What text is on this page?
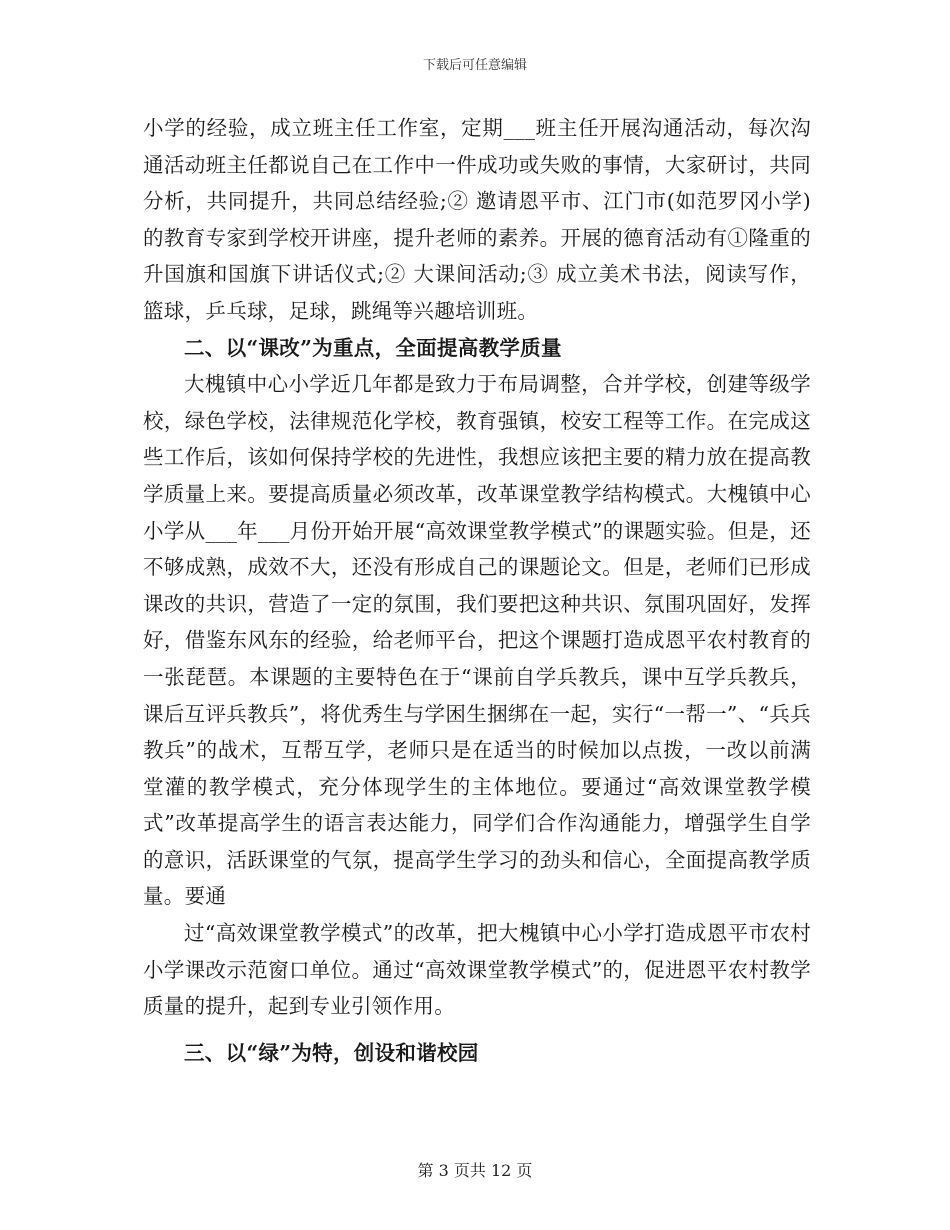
下载后可任意编辑

小学的经验，成立班主任工作室，定期___班主任开展沟通活动，每次沟通活动班主任都说自己在工作中一件成功或失败的事情，大家研讨，共同分析，共同提升，共同总结经验;② 邀请恩平市、江门市(如范罗冈小学)的教育专家到学校开讲座，提升老师的素养。开展的德育活动有①隆重的升国旗和国旗下讲话仪式;② 大课间活动;③ 成立美术书法，阅读写作，篮球，乒乓球，足球，跳绳等兴趣培训班。

二、以“课改”为重点，全面提高教学质量

大槐镇中心小学近几年都是致力于布局调整，合并学校，创建等级学校，绿色学校，法律规范化学校，教育强镇，校安工程等工作。在完成这些工作后，该如何保持学校的先进性，我想应该把主要的精力放在提高教学质量上来。要提高质量必须改革，改革课堂教学结构模式。大槐镇中心小学从___年___月份开始开展“高效课堂教学模式”的课题实验。但是，还不够成熟，成效不大，还没有形成自己的课题论文。但是，老师们已形成课改的共识，营造了一定的氛围，我们要把这种共识、氛围巩固好，发挥好，借鉴东风东的经验，给老师平台，把这个课题打造成恩平农村教育的一张琵琶。本课题的主要特色在于“课前自学兵教兵，课中互学兵教兵，课后互评兵教兵”，将优秀生与学困生捆绑在一起，实行“一帮一”、“兵兵教兵”的战术，互帮互学，老师只是在适当的时候加以点拨，一改以前满堂灌的教学模式，充分体现学生的主体地位。要通过“高效课堂教学模式”改革提高学生的语言表达能力，同学们合作沟通能力，增强学生自学的意识，活跃课堂的气氛，提高学生学习的劲头和信心，全面提高教学质量。要通

过“高效课堂教学模式”的改革，把大槐镇中心小学打造成恩平市农村小学课改示范窗口单位。通过“高效课堂教学模式”的，促进恩平农村教学质量的提升，起到专业引领作用。

三、以“绿”为特，创设和谐校园

第 3 页共 12 页
